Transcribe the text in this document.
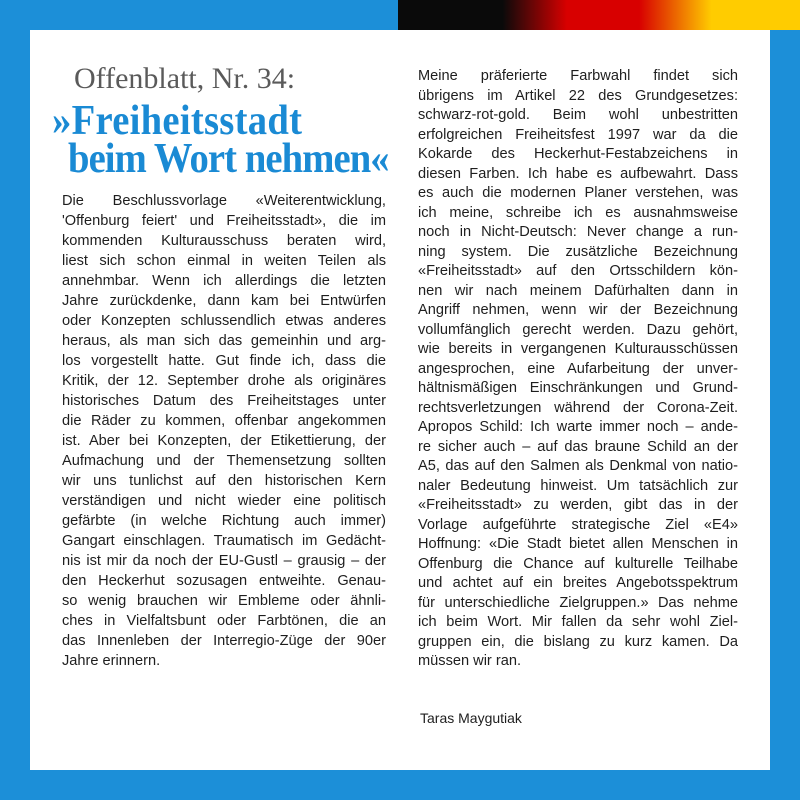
Offenblatt, Nr. 34:
»Freiheitsstadt
beim Wort nehmen«
Die Beschlussvorlage «Weiterentwicklung,
'Offenburg feiert' und Freiheitsstadt», die im
kommenden Kulturausschuss beraten wird,
liest sich schon einmal in weiten Teilen als
annehmbar. Wenn ich allerdings die letzten
Jahre zurückdenke, dann kam bei Entwürfen
oder Konzepten schlussendlich etwas anderes
heraus, als man sich das gemeinhin und arg-
los vorgestellt hatte. Gut finde ich, dass die
Kritik, der 12. September drohe als originäres
historisches Datum des Freiheitstages unter
die Räder zu kommen, offenbar angekommen
ist. Aber bei Konzepten, der Etikettierung, der
Aufmachung und der Themensetzung sollten
wir uns tunlichst auf den historischen Kern
verständigen und nicht wieder eine politisch
gefärbte (in welche Richtung auch immer)
Gangart einschlagen. Traumatisch im Gedächt-
nis ist mir da noch der EU-Gustl – grausig – der
den Heckerhut sozusagen entweihte. Genau-
so wenig brauchen wir Embleme oder ähnli-
ches in Vielfaltsbunt oder Farbtönen, die an
das Innenleben der Interregio-Züge der 90er
Jahre erinnern.
Meine präferierte Farbwahl findet sich
übrigens im Artikel 22 des Grundgesetzes:
schwarz-rot-gold. Beim wohl unbestritten
erfolgreichen Freiheitsfest 1997 war da die
Kokarde des Heckerhut-Festabzeichens in
diesen Farben. Ich habe es aufbewahrt. Dass
es auch die modernen Planer verstehen, was
ich meine, schreibe ich es ausnahmsweise
noch in Nicht-Deutsch: Never change a run-
ning system. Die zusätzliche Bezeichnung
«Freiheitsstadt» auf den Ortsschildern kön-
nen wir nach meinem Dafürhalten dann in
Angriff nehmen, wenn wir der Bezeichnung
vollumfänglich gerecht werden. Dazu gehört,
wie bereits in vergangenen Kulturausschüssen
angesprochen, eine Aufarbeitung der unver-
hältnismäßigen Einschränkungen und Grund-
rechtsverletzungen während der Corona-Zeit.
Apropos Schild: Ich warte immer noch – ande-
re sicher auch – auf das braune Schild an der
A5, das auf den Salmen als Denkmal von natio-
naler Bedeutung hinweist. Um tatsächlich zur
«Freiheitsstadt» zu werden, gibt das in der
Vorlage aufgeführte strategische Ziel «E4»
Hoffnung: «Die Stadt bietet allen Menschen in
Offenburg die Chance auf kulturelle Teilhabe
und achtet auf ein breites Angebotsspektrum
für unterschiedliche Zielgruppen.» Das nehme
ich beim Wort. Mir fallen da sehr wohl Ziel-
gruppen ein, die bislang zu kurz kamen. Da
müssen wir ran.
Taras Maygutiak
